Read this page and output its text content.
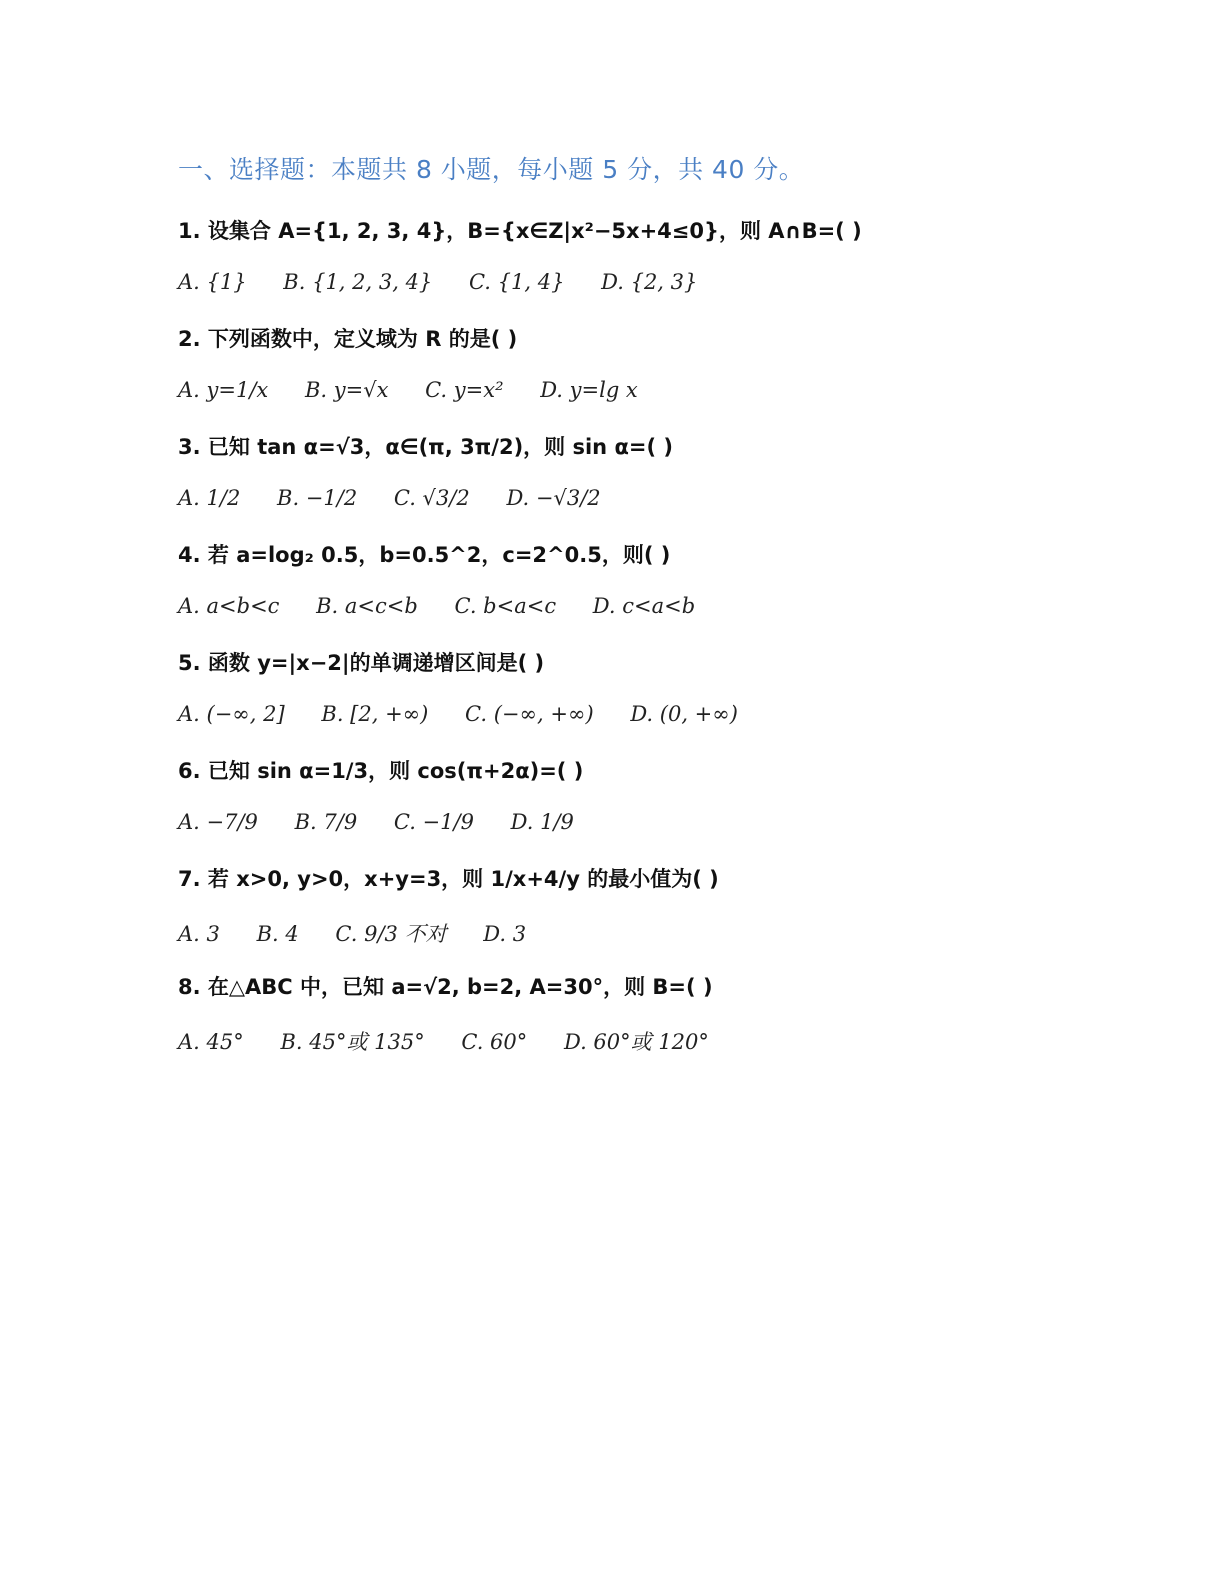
一、选择题：本题共 8 小题，每小题 5 分，共 40 分。
1. 设集合 A={1, 2, 3, 4}，B={x∈Z|x²−5x+4≤0}，则 A∩B=( )
A. {1} B. {1, 2, 3, 4} C. {1, 4} D. {2, 3}
2. 下列函数中，定义域为 R 的是( )
A. y=1/x B. y=√x C. y=x² D. y=lg x
3. 已知 tan α=√3，α∈(π, 3π/2)，则 sin α=( )
A. 1/2 B. −1/2 C. √3/2 D. −√3/2
4. 若 a=log₂ 0.5，b=0.5^2，c=2^0.5，则( )
A. a<b<c B. a<c<b C. b<a<c D. c<a<b
5. 函数 y=|x−2|的单调递增区间是( )
A. (−∞, 2] B. [2, +∞) C. (−∞, +∞) D. (0, +∞)
6. 已知 sin α=1/3，则 cos(π+2α)=( )
A. −7/9 B. 7/9 C. −1/9 D. 1/9
7. 若 x>0, y>0，x+y=3，则 1/x+4/y 的最小值为( )
A. 3 B. 4 C. 9/3 不对 D. 3
8. 在△ABC 中，已知 a=√2, b=2, A=30°，则 B=( )
A. 45° B. 45°或 135° C. 60° D. 60°或 120°
